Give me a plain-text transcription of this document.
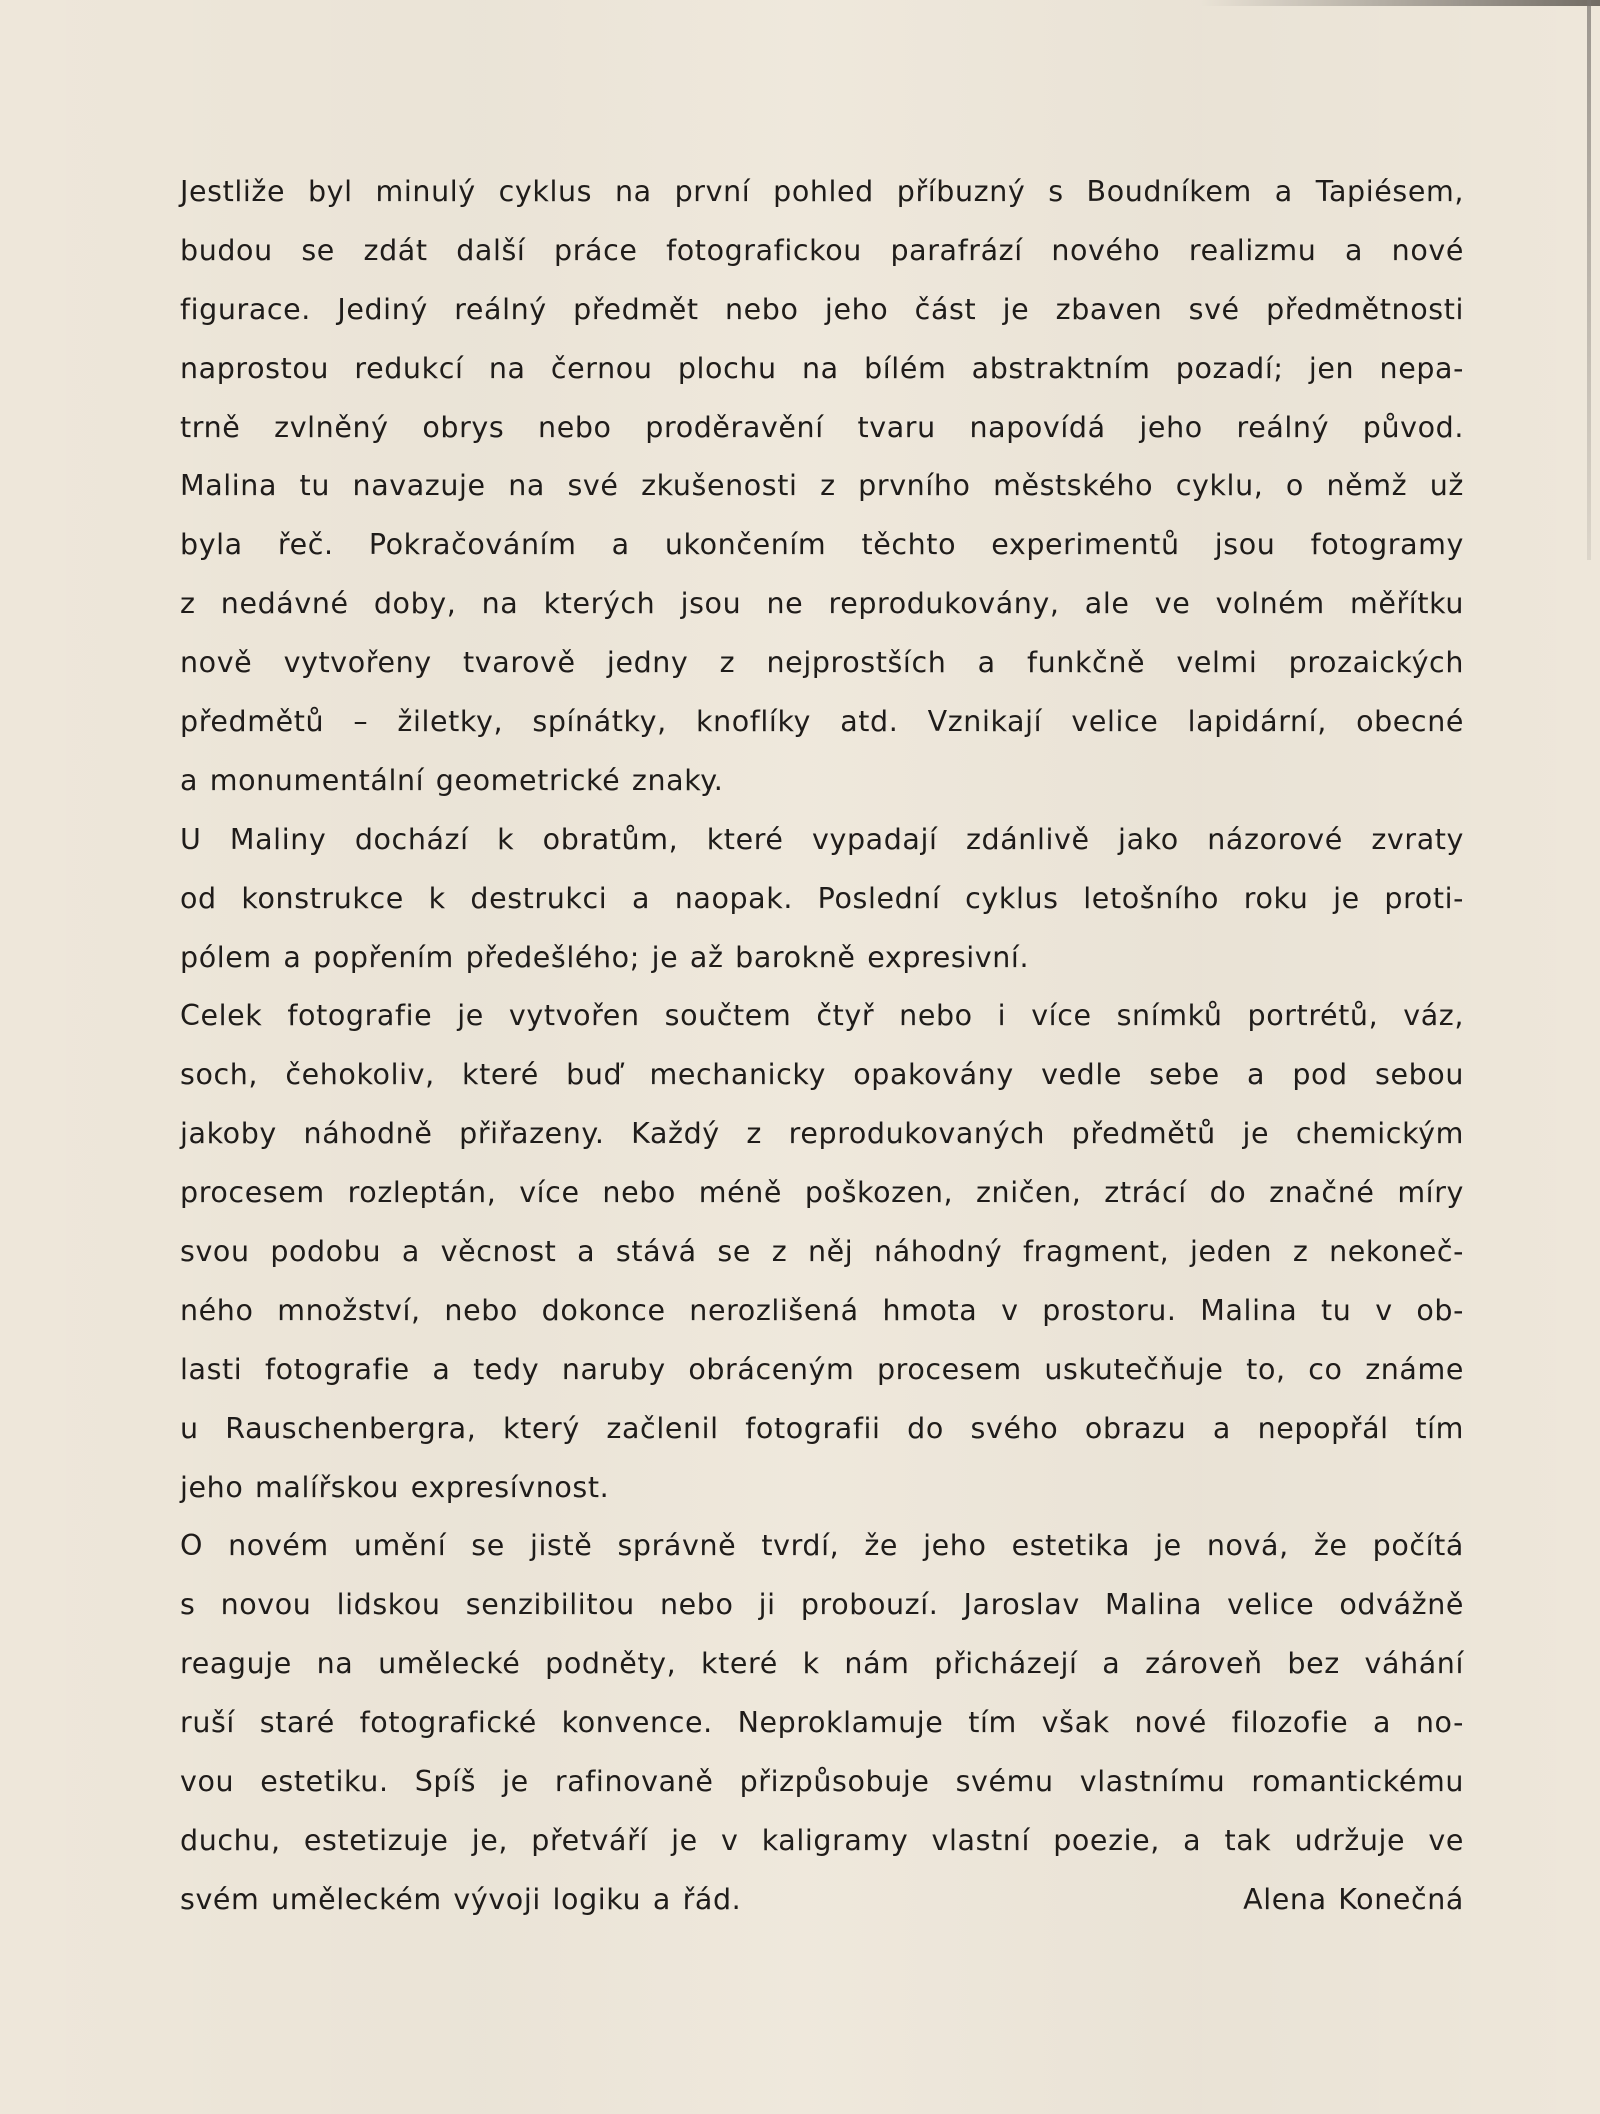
Jestliže byl minulý cyklus na první pohled příbuzný s Boudníkem a Tapiésem,
budou se zdát další práce fotografickou parafrází nového realizmu a nové
figurace. Jediný reálný předmět nebo jeho část je zbaven své předmětnosti
naprostou redukcí na černou plochu na bílém abstraktním pozadí; jen nepa-
trně zvlněný obrys nebo proděravění tvaru napovídá jeho reálný původ.
Malina tu navazuje na své zkušenosti z prvního městského cyklu, o němž už
byla řeč. Pokračováním a ukončením těchto experimentů jsou fotogramy
z nedávné doby, na kterých jsou ne reprodukovány, ale ve volném měřítku
nově vytvořeny tvarově jedny z nejprostších a funkčně velmi prozaických
předmětů – žiletky, spínátky, knoflíky atd. Vznikají velice lapidární, obecné
a monumentální geometrické znaky.
U Maliny dochází k obratům, které vypadají zdánlivě jako názorové zvraty
od konstrukce k destrukci a naopak. Poslední cyklus letošního roku je proti-
pólem a popřením předešlého; je až barokně expresivní.
Celek fotografie je vytvořen součtem čtyř nebo i více snímků portrétů, váz,
soch, čehokoliv, které buď mechanicky opakovány vedle sebe a pod sebou
jakoby náhodně přiřazeny. Každý z reprodukovaných předmětů je chemickým
procesem rozleptán, více nebo méně poškozen, zničen, ztrácí do značné míry
svou podobu a věcnost a stává se z něj náhodný fragment, jeden z nekoneč-
ného množství, nebo dokonce nerozlišená hmota v prostoru. Malina tu v ob-
lasti fotografie a tedy naruby obráceným procesem uskutečňuje to, co známe
u Rauschenbergra, který začlenil fotografii do svého obrazu a nepopřál tím
jeho malířskou expresívnost.
O novém umění se jistě správně tvrdí, že jeho estetika je nová, že počítá
s novou lidskou senzibilitou nebo ji probouzí. Jaroslav Malina velice odvážně
reaguje na umělecké podněty, které k nám přicházejí a zároveň bez váhání
ruší staré fotografické konvence. Neproklamuje tím však nové filozofie a no-
vou estetiku. Spíš je rafinovaně přizpůsobuje svému vlastnímu romantickému
duchu, estetizuje je, přetváří je v kaligramy vlastní poezie, a tak udržuje ve
svém uměleckém vývoji logiku a řád.	Alena Konečná
